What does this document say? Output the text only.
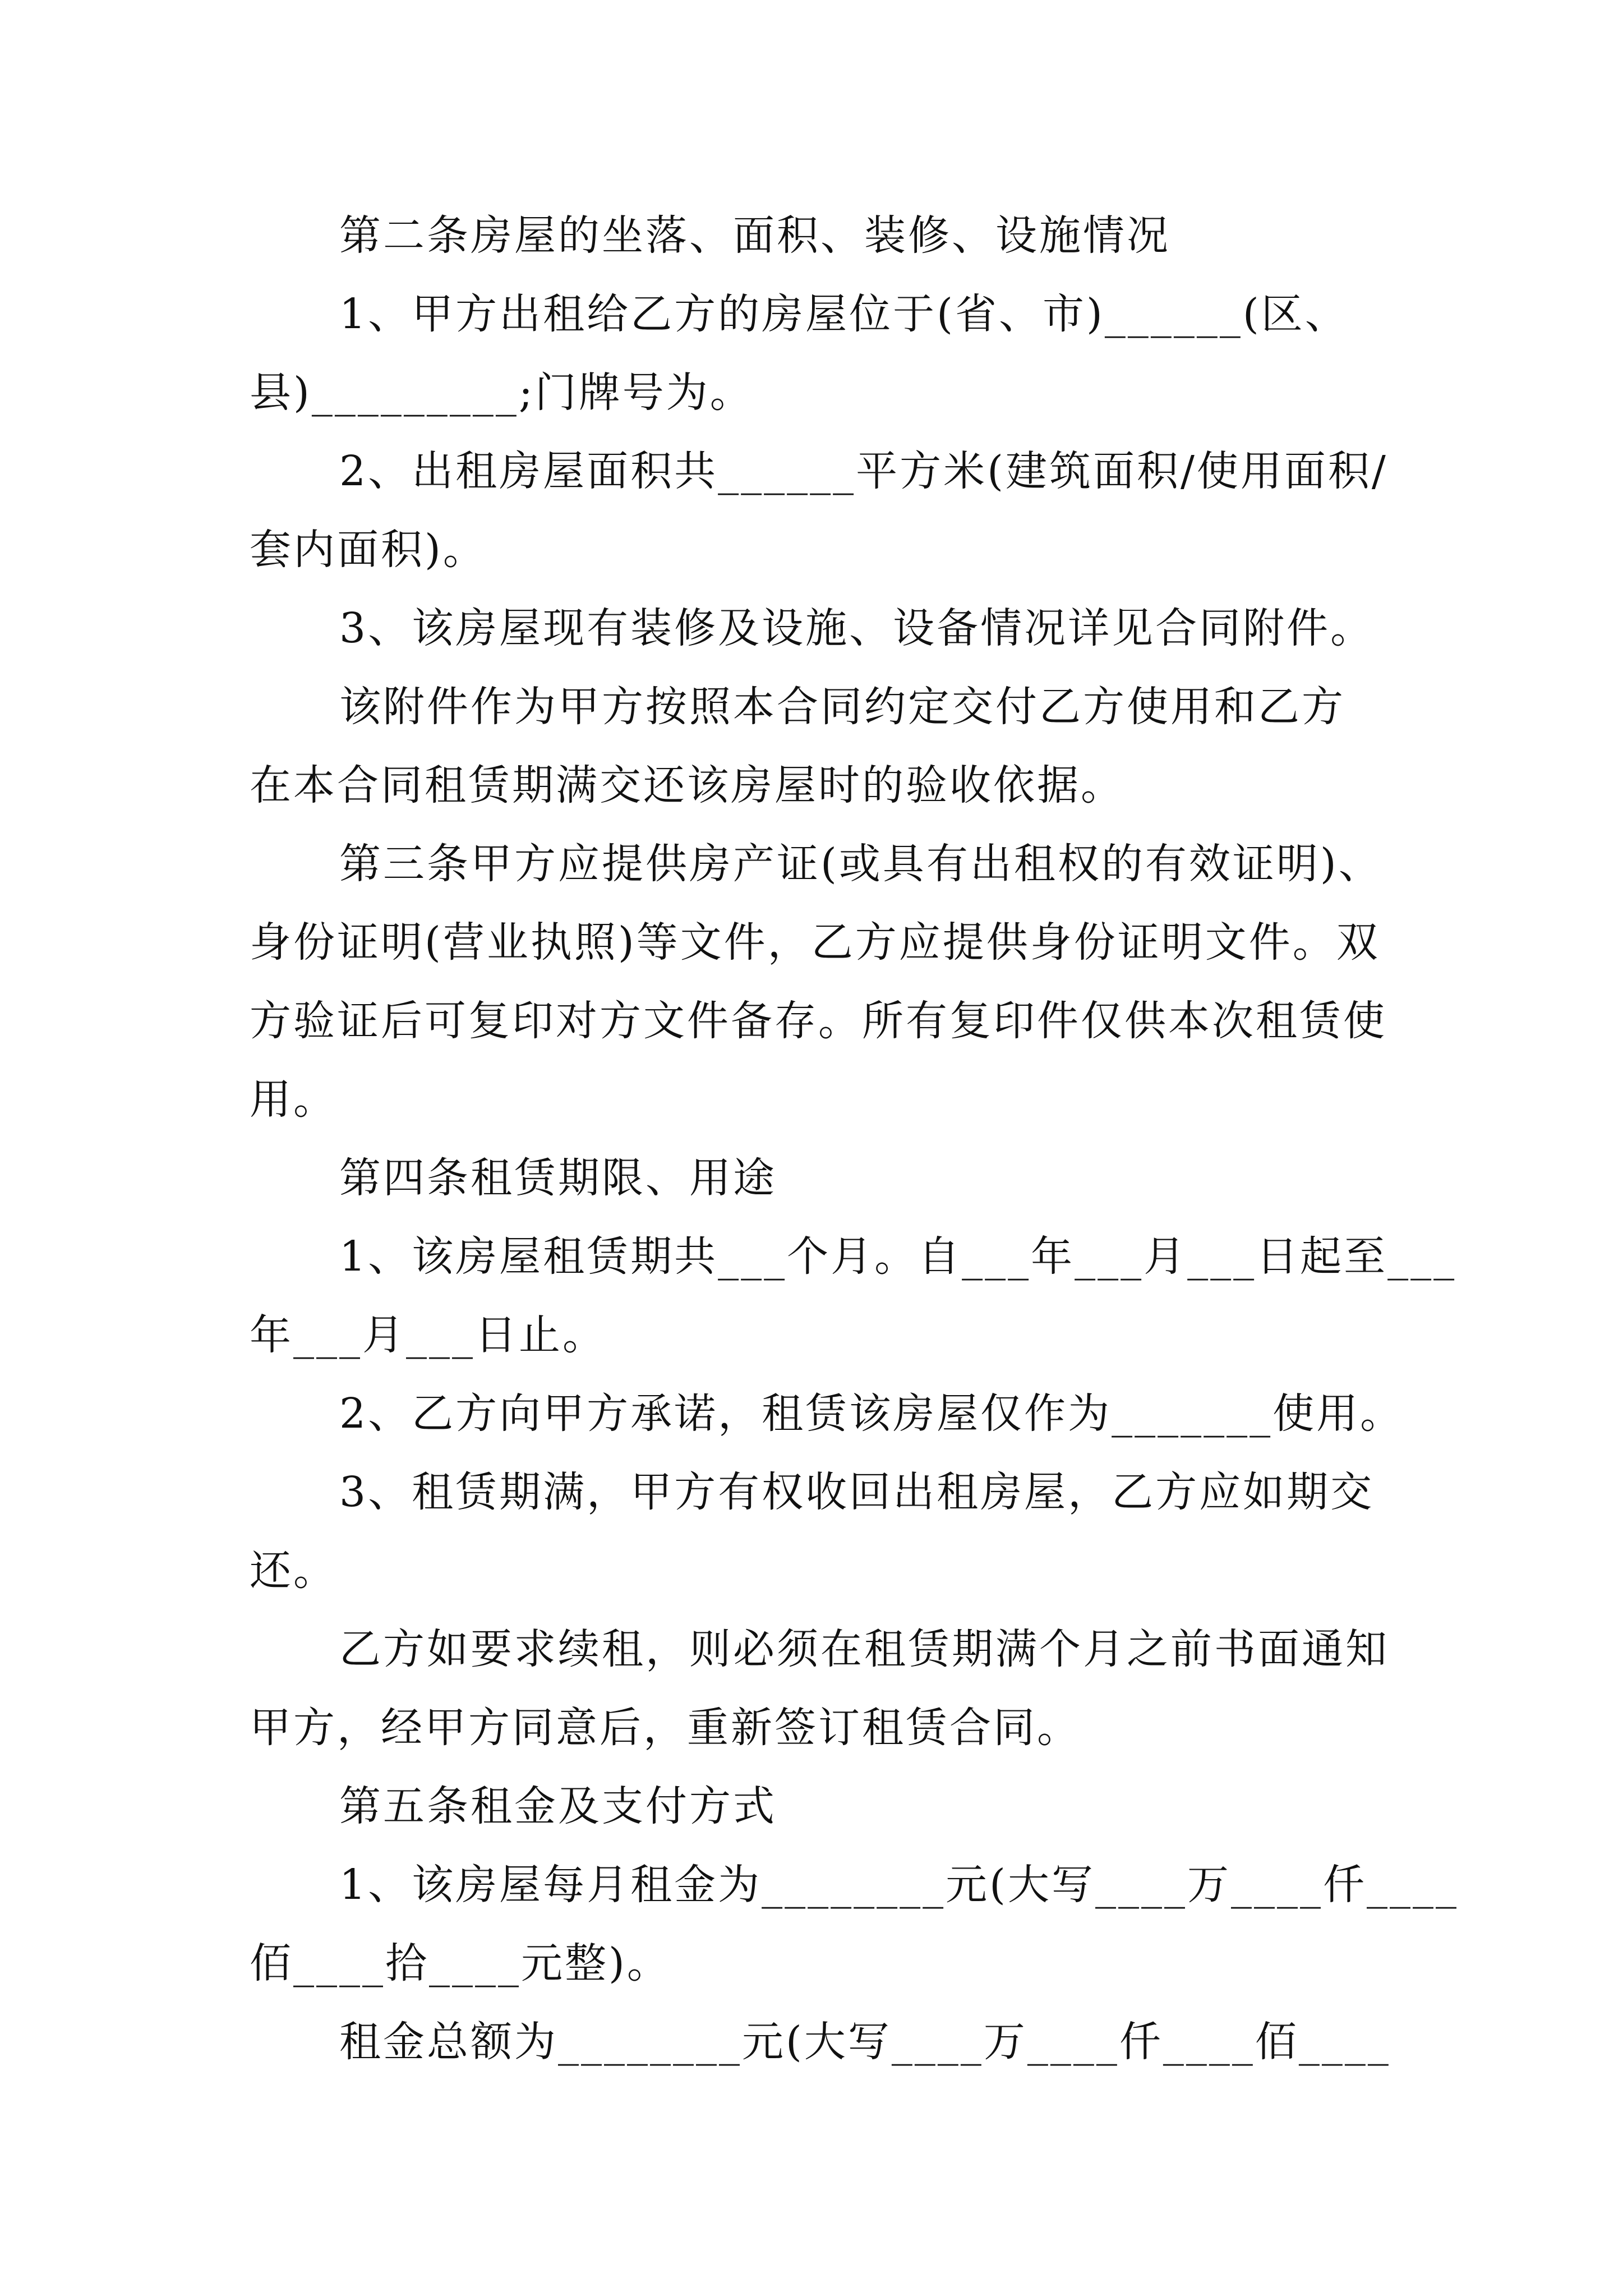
第二条房屋的坐落、面积、装修、设施情况
1、甲方出租给乙方的房屋位于(省、市)______(区、
县)_________;门牌号为。
2、出租房屋面积共______平方米(建筑面积/使用面积/
套内面积)。
3、该房屋现有装修及设施、设备情况详见合同附件。
该附件作为甲方按照本合同约定交付乙方使用和乙方
在本合同租赁期满交还该房屋时的验收依据。
第三条甲方应提供房产证(或具有出租权的有效证明)、
身份证明(营业执照)等文件，乙方应提供身份证明文件。双
方验证后可复印对方文件备存。所有复印件仅供本次租赁使
用。
第四条租赁期限、用途
1、该房屋租赁期共___个月。自___年___月___日起至___
年___月___日止。
2、乙方向甲方承诺，租赁该房屋仅作为_______使用。
3、租赁期满，甲方有权收回出租房屋，乙方应如期交
还。
乙方如要求续租，则必须在租赁期满个月之前书面通知
甲方，经甲方同意后，重新签订租赁合同。
第五条租金及支付方式
1、该房屋每月租金为________元(大写____万____仟____
佰____拾____元整)。
租金总额为________元(大写____万____仟____佰____
